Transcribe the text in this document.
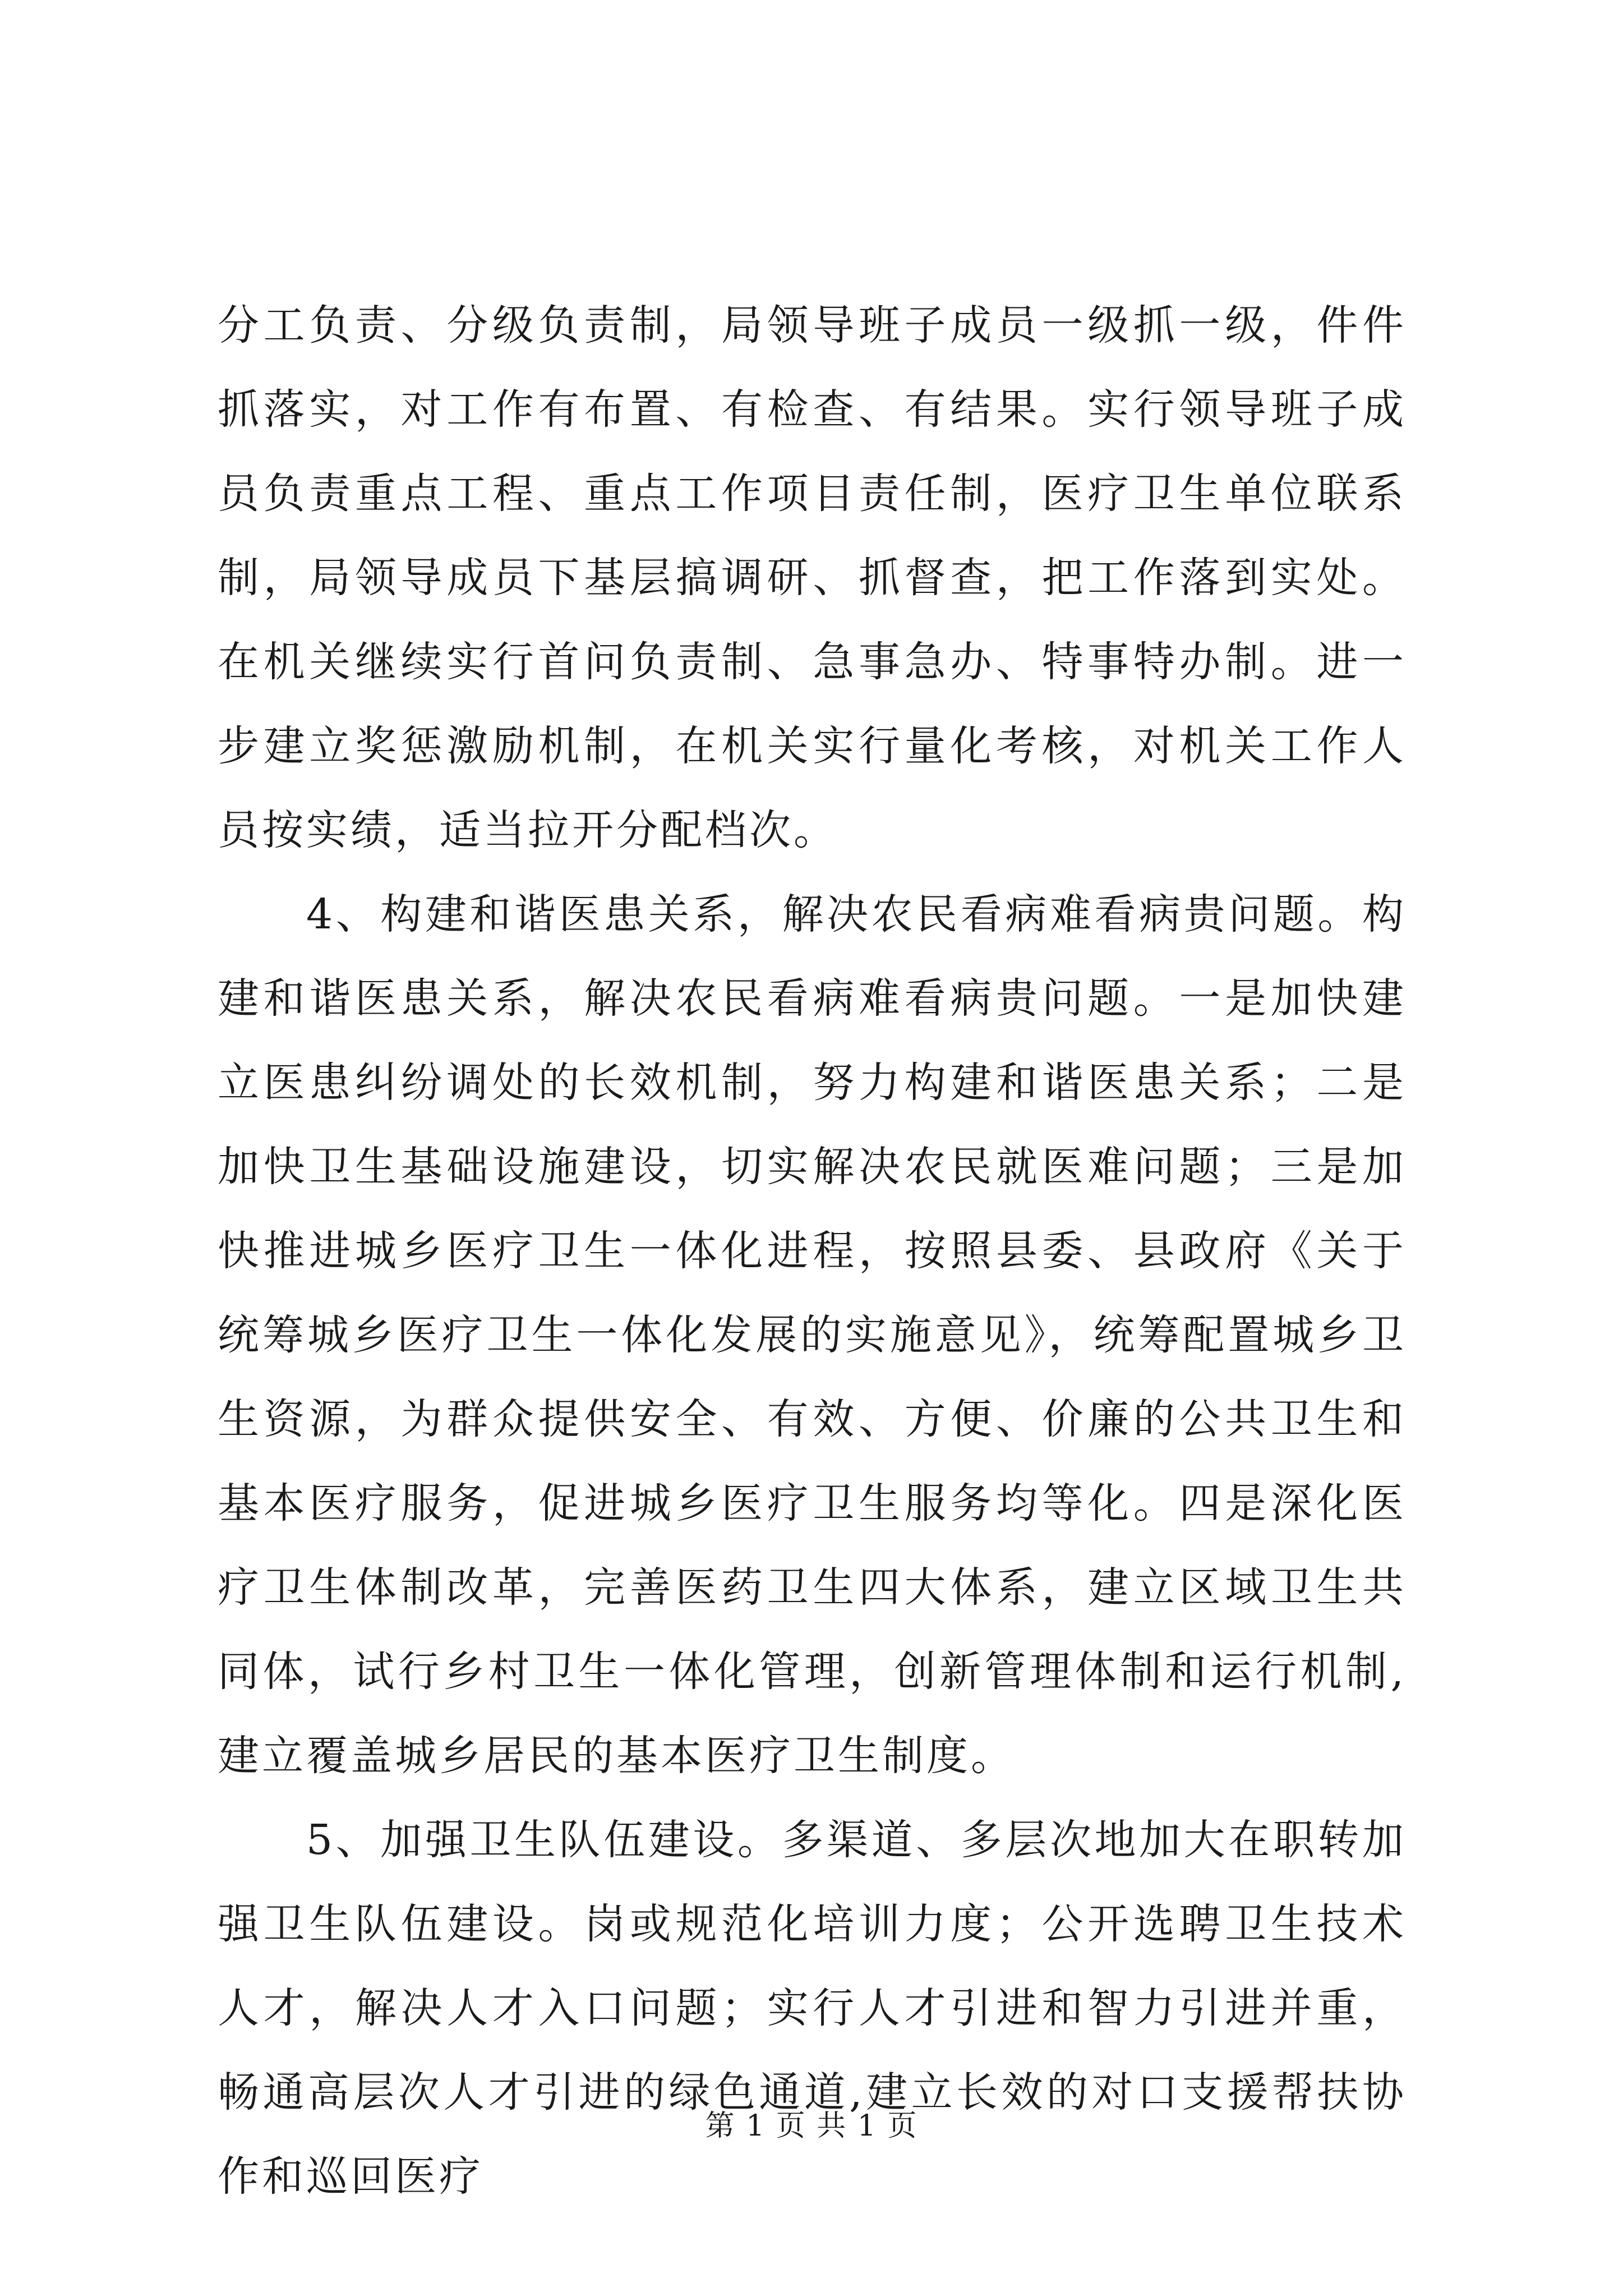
分工负责、分级负责制，局领导班子成员一级抓一级，件件抓落实，对工作有布置、有检查、有结果。实行领导班子成员负责重点工程、重点工作项目责任制，医疗卫生单位联系制，局领导成员下基层搞调研、抓督查，把工作落到实处。在机关继续实行首问负责制、急事急办、特事特办制。进一步建立奖惩激励机制，在机关实行量化考核，对机关工作人员按实绩，适当拉开分配档次。

4、构建和谐医患关系，解决农民看病难看病贵问题。构建和谐医患关系，解决农民看病难看病贵问题。一是加快建立医患纠纷调处的长效机制，努力构建和谐医患关系；二是加快卫生基础设施建设，切实解决农民就医难问题；三是加快推进城乡医疗卫生一体化进程，按照县委、县政府《关于统筹城乡医疗卫生一体化发展的实施意见》，统筹配置城乡卫生资源，为群众提供安全、有效、方便、价廉的公共卫生和基本医疗服务，促进城乡医疗卫生服务均等化。四是深化医疗卫生体制改革，完善医药卫生四大体系，建立区域卫生共同体，试行乡村卫生一体化管理，创新管理体制和运行机制,建立覆盖城乡居民的基本医疗卫生制度。

5、加强卫生队伍建设。多渠道、多层次地加大在职转加强卫生队伍建设。岗或规范化培训力度；公开选聘卫生技术人才，解决人才入口问题；实行人才引进和智力引进并重，畅通高层次人才引进的绿色通道,建立长效的对口支援帮扶协作和巡回医疗

第 1 页 共 1 页
